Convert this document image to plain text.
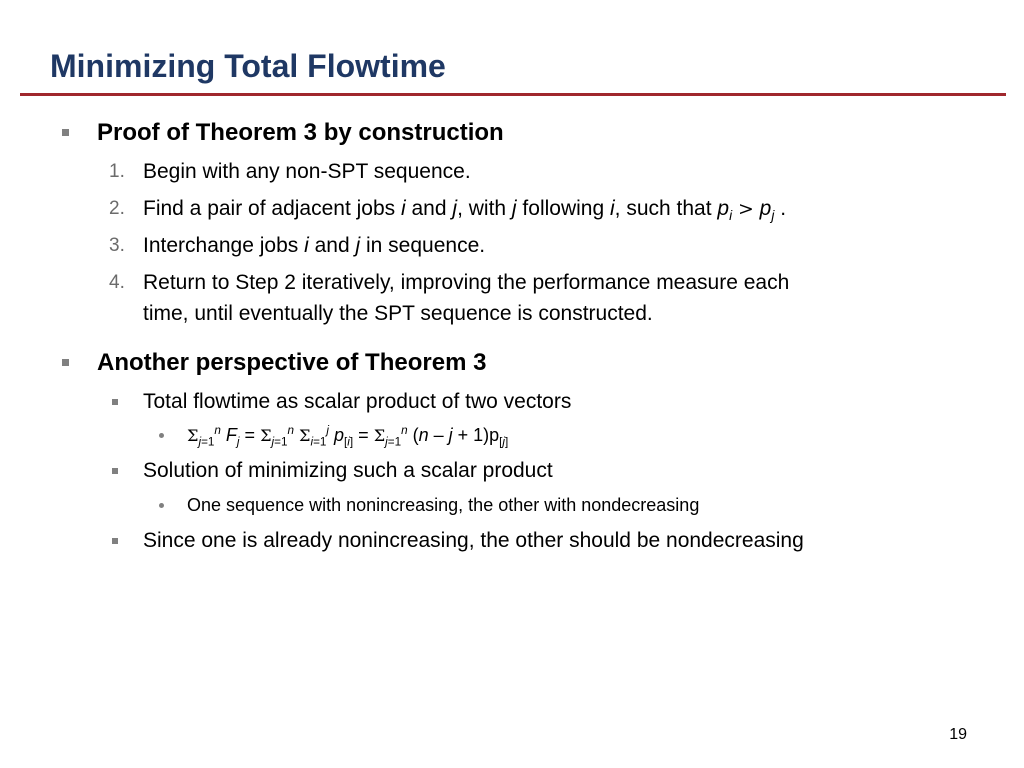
Minimizing Total Flowtime
Proof of Theorem 3 by construction
1. Begin with any non-SPT sequence.
2. Find a pair of adjacent jobs i and j, with j following i, such that $p_i > p_j$ .
3. Interchange jobs i and j in sequence.
4. Return to Step 2 iteratively, improving the performance measure each
time, until eventually the SPT sequence is constructed.
Another perspective of Theorem 3
Total flowtime as scalar product of two vectors
$\Sigma_{j=1}^n$ $F_j = \Sigma_{j=1}^n$ $\Sigma_{i=1}^j$ $p_{[i]} = \Sigma_{j=1}^n$ $(n - j + 1)p_{[j]}$
Solution of minimizing such a scalar product
One sequence with nonincreasing, the other with nondecreasing
Since one is already nonincreasing, the other should be nondecreasing
19
